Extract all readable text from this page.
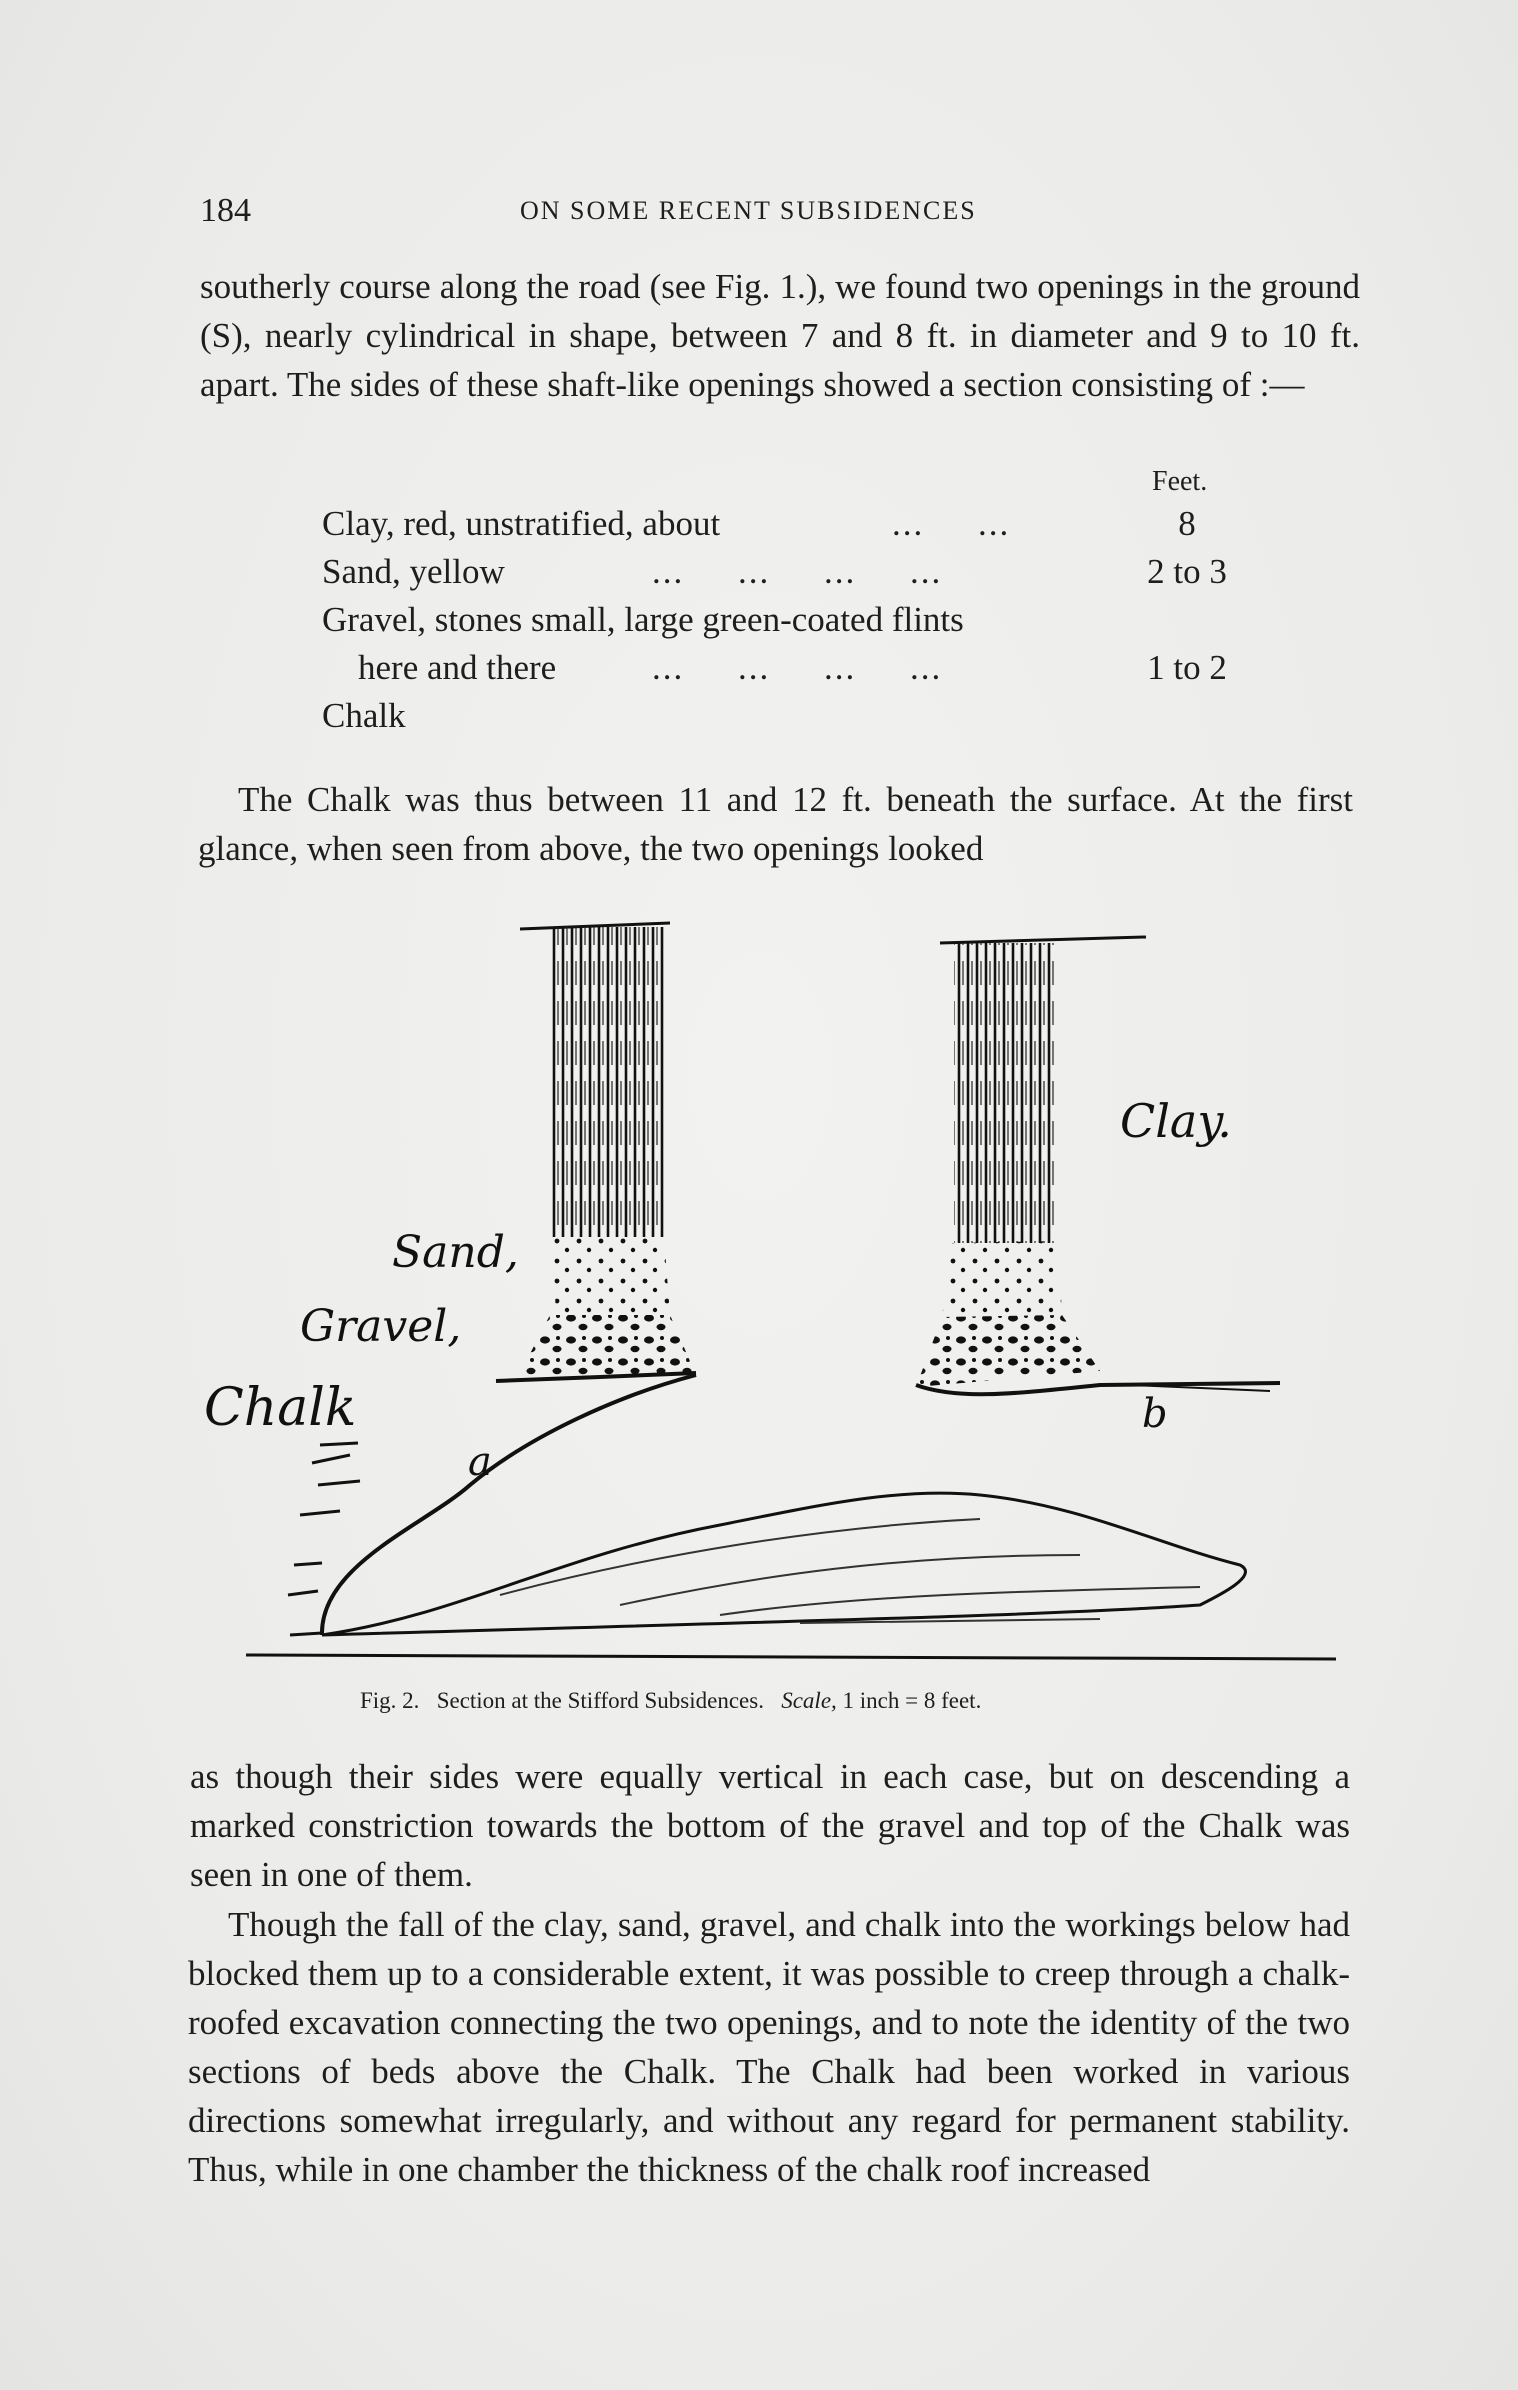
184	ON SOME RECENT SUBSIDENCES

southerly course along the road (see Fig. 1.), we found two openings in the ground (S), nearly cylindrical in shape, between 7 and 8 ft. in diameter and 9 to 10 ft. apart. The sides of these shaft-like openings showed a section consisting of :—

Feet.
Clay, red, unstratified, about	...     ...	8
Sand, yellow	...     ...     ...     ...	2 to 3
Gravel, stones small, large green-coated flints
here and there	...     ...     ...     ...	1 to 2
Chalk

The Chalk was thus between 11 and 12 ft. beneath the surface. At the first glance, when seen from above, the two openings looked

Clay.
Sand,
Gravel,
Chalk
a
b
Fig. 2. Section at the Stifford Subsidences. Scale, 1 inch = 8 feet.

as though their sides were equally vertical in each case, but on descending a marked constriction towards the bottom of the gravel and top of the Chalk was seen in one of them.

Though the fall of the clay, sand, gravel, and chalk into the workings below had blocked them up to a considerable extent, it was possible to creep through a chalk-roofed excavation connecting the two openings, and to note the identity of the two sections of beds above the Chalk. The Chalk had been worked in various directions somewhat irregularly, and without any regard for permanent stability. Thus, while in one chamber the thickness of the chalk roof increased
